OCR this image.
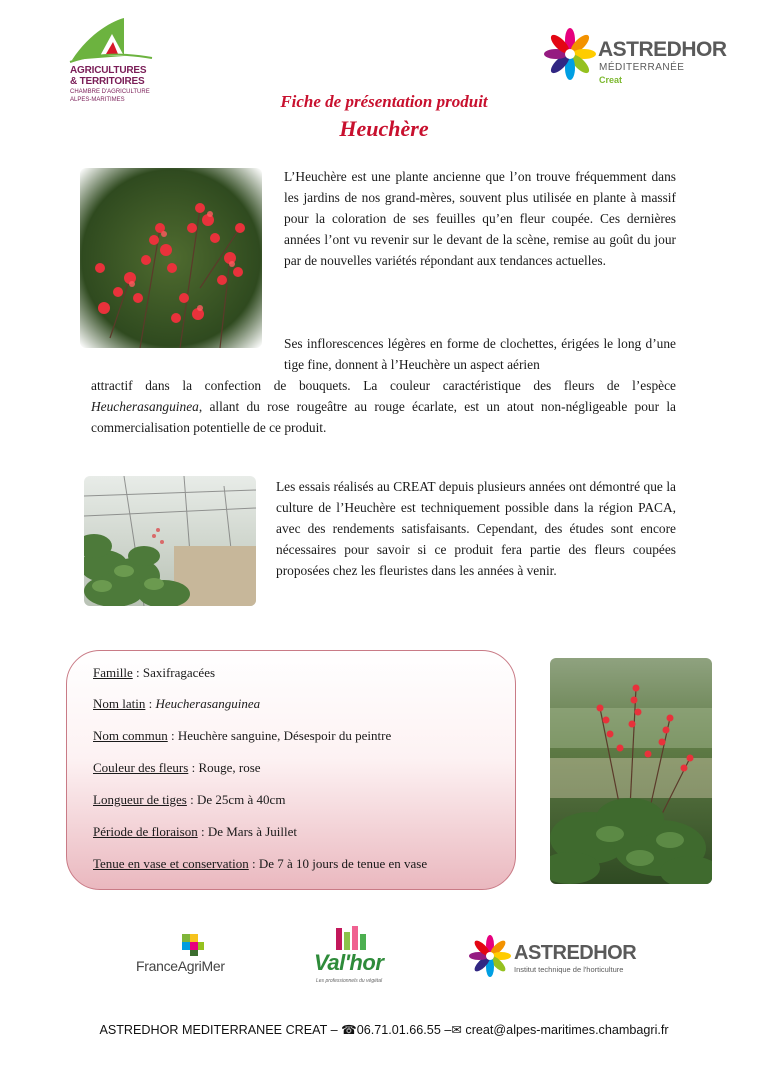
AGRICULTURES
& TERRITOIRES
CHAMBRE D'AGRICULTURE
ALPES-MARITIMES
ASTREDHOR
MÉDITERRANÉE
Creat
Fiche de présentation produit
Heuchère
L’Heuchère est une plante ancienne que l’on trouve fréquemment dans les jardins de nos grand-mères, souvent plus utilisée en plante à massif pour la coloration de ses feuilles qu’en fleur coupée. Ces dernières années l’ont vu revenir sur le devant de la scène, remise au goût du jour par de nouvelles variétés répondant aux tendances actuelles.
Ses inflorescences légères en forme de clochettes, érigées le long d’une tige fine, donnent à l’Heuchère un aspect aérien
attractif dans la confection de bouquets. La couleur caractéristique des fleurs de l’espèce Heucherasanguinea, allant du rose rougeâtre au rouge écarlate, est un atout non-négligeable pour la commercialisation potentielle de ce produit.
Les essais réalisés au CREAT depuis plusieurs années ont démontré que la culture de l’Heuchère est techniquement possible dans la région PACA, avec des rendements satisfaisants. Cependant, des études sont encore nécessaires pour savoir si ce produit fera partie des fleurs coupées proposées chez les fleuristes dans les années à venir.
Famille : Saxifragacées
Nom latin : Heucherasanguinea
Nom commun : Heuchère sanguine, Désespoir du peintre
Couleur des fleurs : Rouge, rose
Longueur de tiges : De 25cm à 40cm
Période de floraison : De Mars à Juillet
Tenue en vase et conservation : De 7 à 10 jours de tenue en vase
FranceAgriMer	Val'hor
Les professionnels du végétal
ASTREDHOR
Institut technique de l'horticulture
ASTREDHOR MEDITERRANEE CREAT – ☎06.71.01.66.55 –✉ creat@alpes-maritimes.chambagri.fr
